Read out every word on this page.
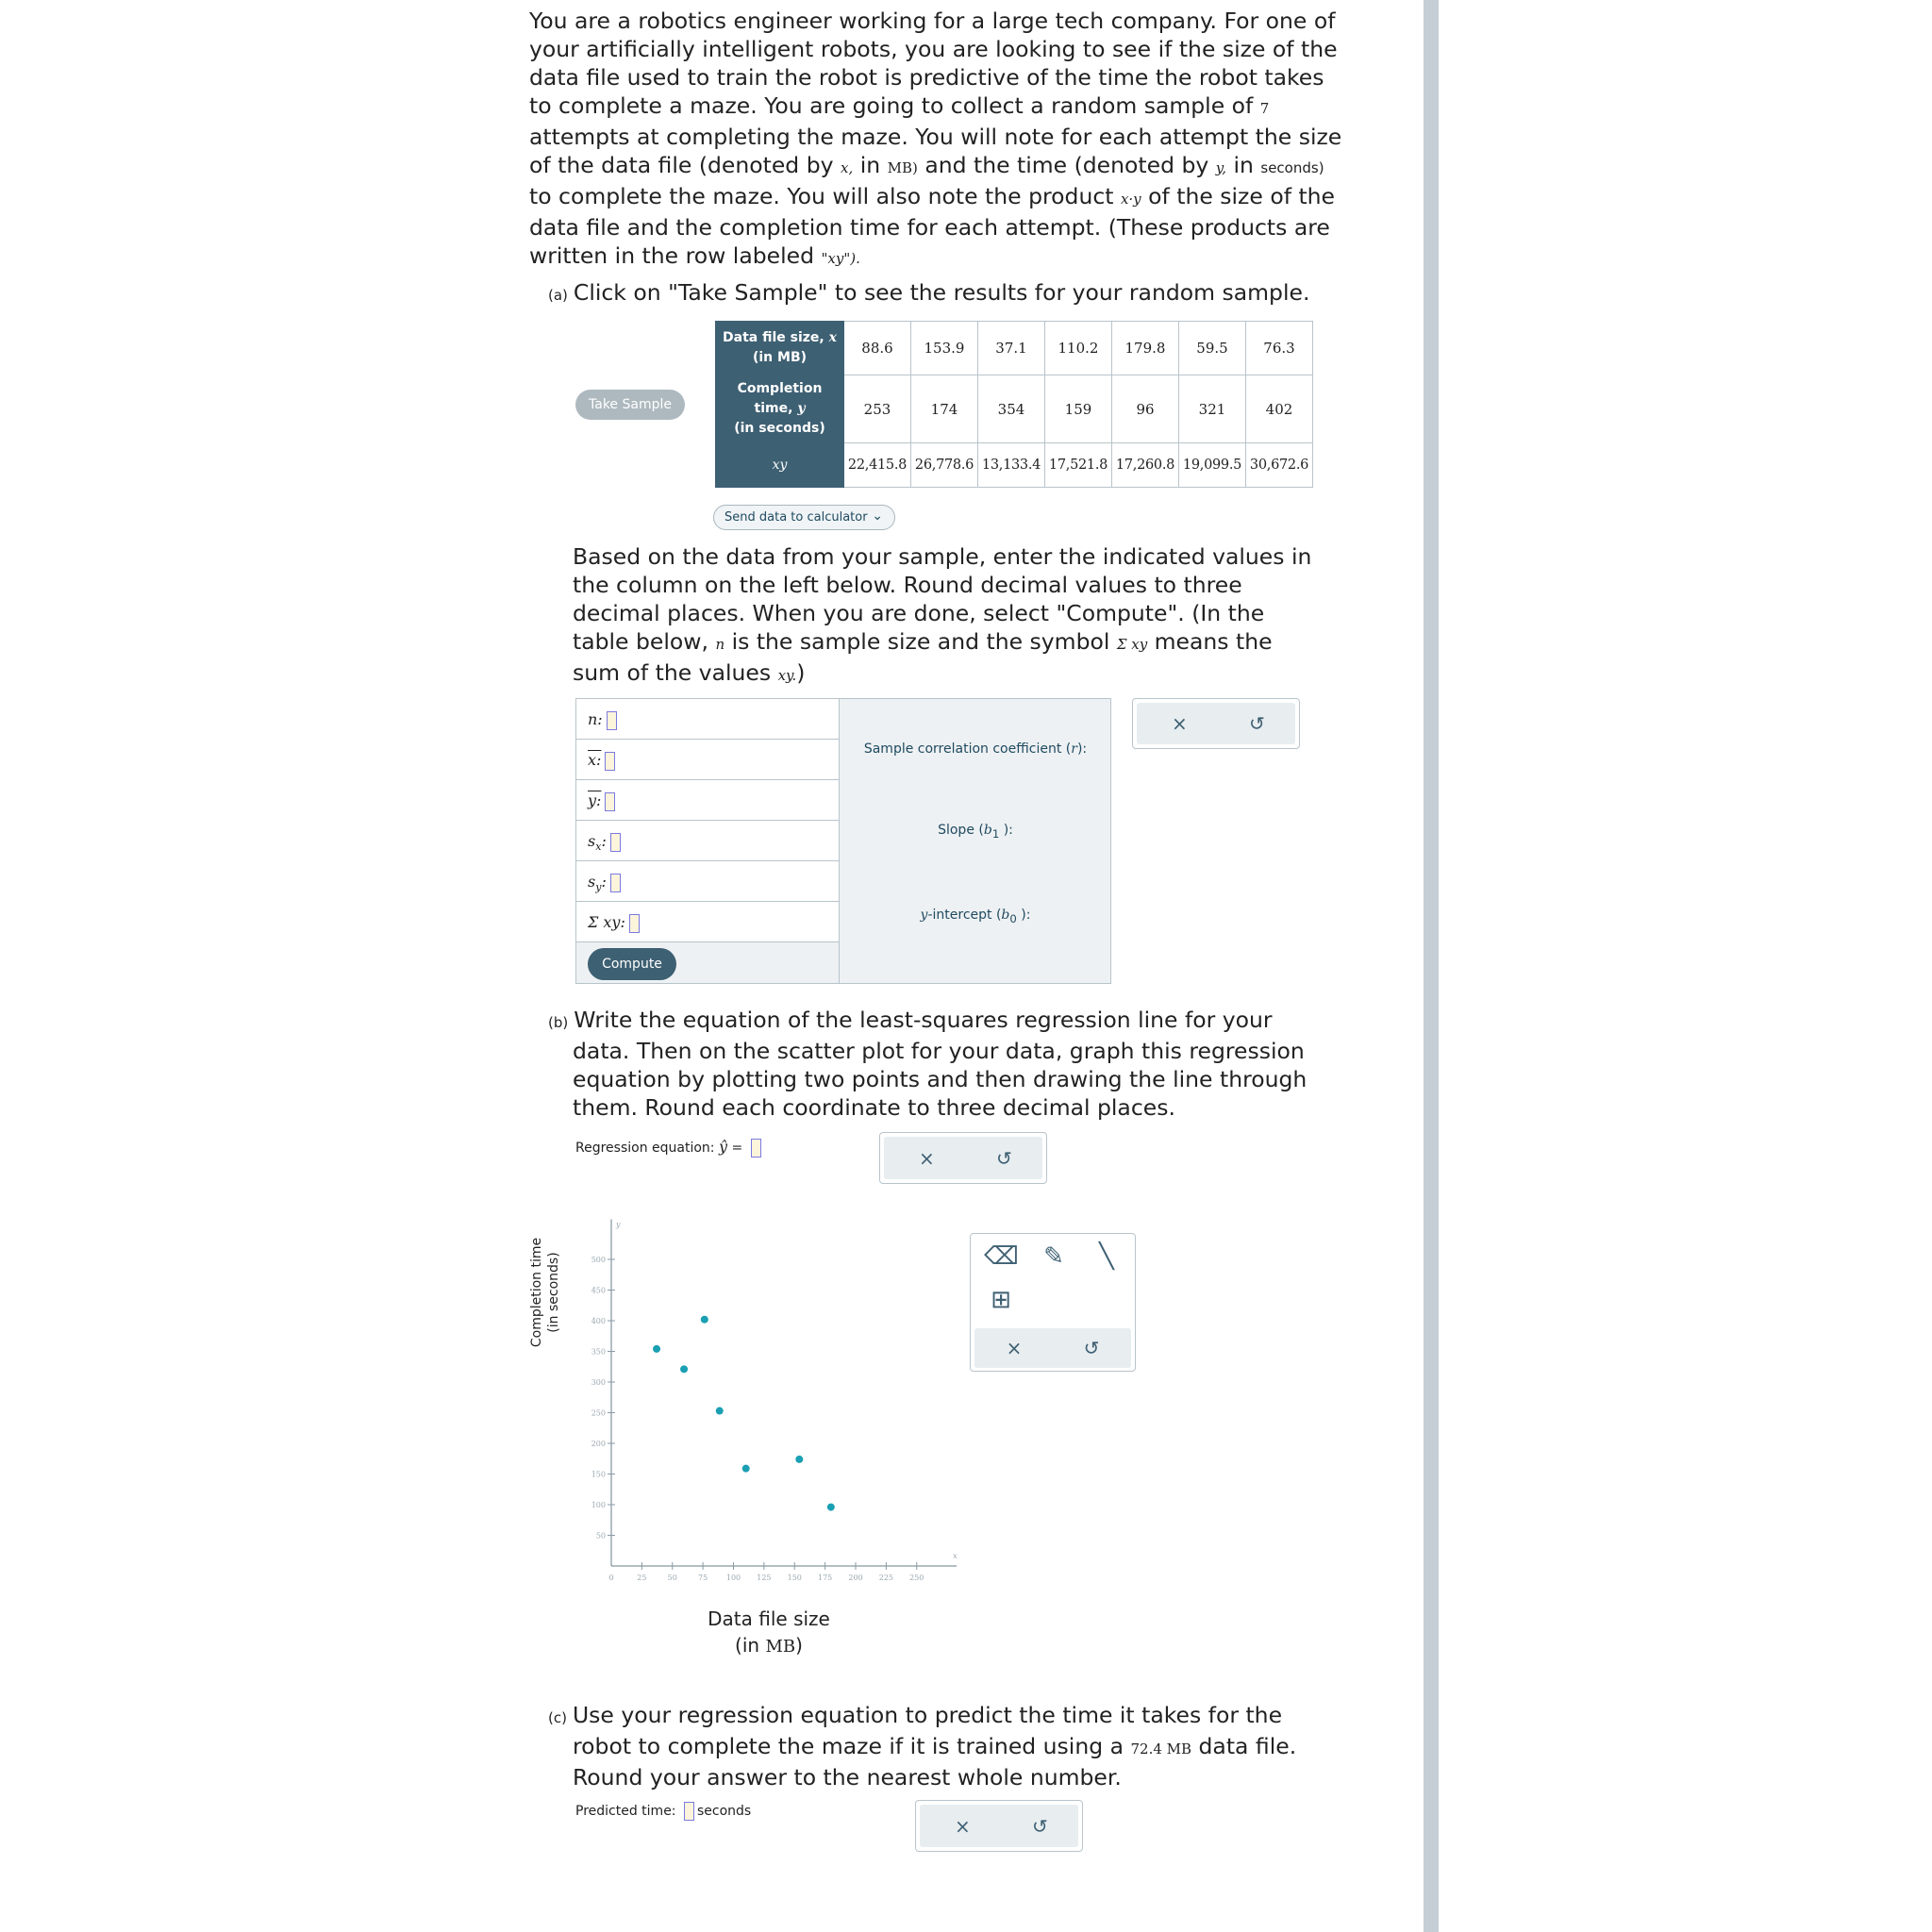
You are a robotics engineer working for a large tech company. For one of
your artificially intelligent robots, you are looking to see if the size of the
data file used to train the robot is predictive of the time the robot takes
to complete a maze. You are going to collect a random sample of 7
attempts at completing the maze. You will note for each attempt the size
of the data file (denoted by x, in MB) and the time (denoted by y, in seconds)
to complete the maze. You will also note the product x·y of the size of the
data file and the completion time for each attempt. (These products are
written in the row labeled "xy").
(a) Click on "Take Sample" to see the results for your random sample.
Take Sample
Data file size, x
(in MB)	88.6	153.9	37.1	110.2	179.8	59.5	76.3
Completion
time, y
(in seconds)	253	174	354	159	96	321	402
xy	22,415.8	26,778.6	13,133.4	17,521.8	17,260.8	19,099.5	30,672.6
Send data to calculator ⌄
Based on the data from your sample, enter the indicated values in
the column on the left below. Round decimal values to three
decimal places. When you are done, select "Compute". (In the
table below, n is the sample size and the symbol Σ xy means the
sum of the values xy.)
n:
x:
y:
$s_x$:
$s_y$:
Σ xy:
Compute
Sample correlation coefficient (r):
Slope ($b_1$ ):
y-intercept ($b_0$ ):
×	↺
(b) Write the equation of the least-squares regression line for your
data. Then on the scatter plot for your data, graph this regression
equation by plotting two points and then drawing the line through
them. Round each coordinate to three decimal places.
Regression equation: ŷ =	×	↺
0	25	50	75 100 125 150 175 200 225 250
50
100
150
200
250
300
350
400
450
500
x
y
Completion time (in seconds)
Data file size
(in MB)
⌫ ✎	╲
⊞
×	↺
(c) Use your regression equation to predict the time it takes for the
robot to complete the maze if it is trained using a 72.4 MB data file.
Round your answer to the nearest whole number.
Predicted time: seconds
×	↺
